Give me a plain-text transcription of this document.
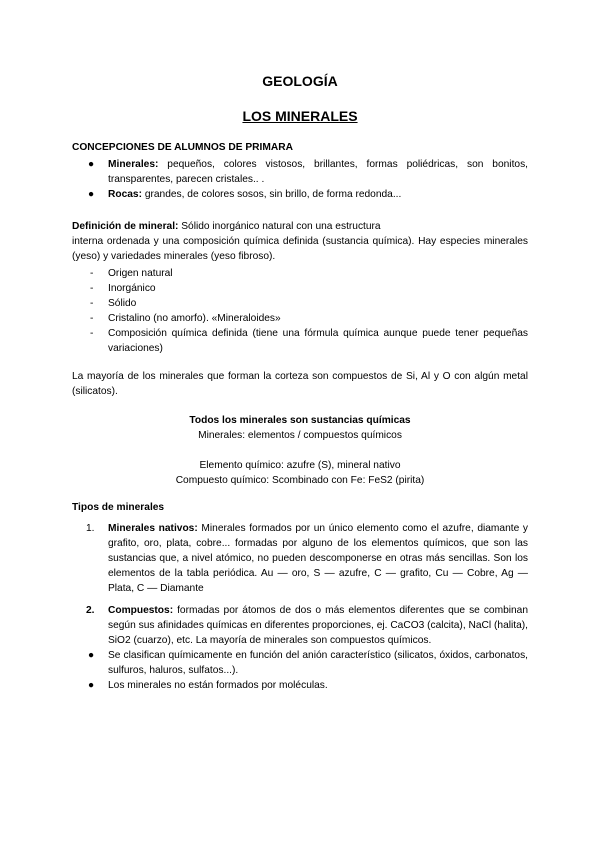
GEOLOGÍA
LOS MINERALES
CONCEPCIONES DE ALUMNOS DE PRIMARA
● Minerales: pequeños, colores vistosos, brillantes, formas poliédricas, son bonitos, transparentes, parecen cristales.. .
● Rocas: grandes, de colores sosos, sin brillo, de forma redonda...
Definición de mineral: Sólido inorgánico natural con una estructura
interna ordenada y una composición química definida (sustancia química). Hay especies minerales (yeso) y variedades minerales (yeso fibroso).
- Origen natural
- Inorgánico
- Sólido
- Cristalino (no amorfo). «Mineraloides»
- Composición química definida (tiene una fórmula química aunque puede tener pequeñas variaciones)
La mayoría de los minerales que forman la corteza son compuestos de Si, Al y O con algún metal (silicatos).
Todos los minerales son sustancias químicas
Minerales: elementos / compuestos químicos
Elemento químico: azufre (S), mineral nativo
Compuesto químico: Scombinado con Fe: FeS2 (pirita)
Tipos de minerales
1. Minerales nativos: Minerales formados por un único elemento como el azufre, diamante y grafito, oro, plata, cobre... formadas por alguno de los elementos químicos, que son las sustancias que, a nivel atómico, no pueden descomponerse en otras más sencillas. Son los elementos de la tabla periódica. Au — oro, S — azufre, C — grafito, Cu — Cobre, Ag — Plata, C — Diamante
2. Compuestos: formadas por átomos de dos o más elementos diferentes que se combinan según sus afinidades químicas en diferentes proporciones, ej. CaCO3 (calcita), NaCl (halita), SiO2 (cuarzo), etc. La mayoría de minerales son compuestos químicos.
● Se clasifican químicamente en función del anión característico (silicatos, óxidos, carbonatos, sulfuros, haluros, sulfatos...).
● Los minerales no están formados por moléculas.
